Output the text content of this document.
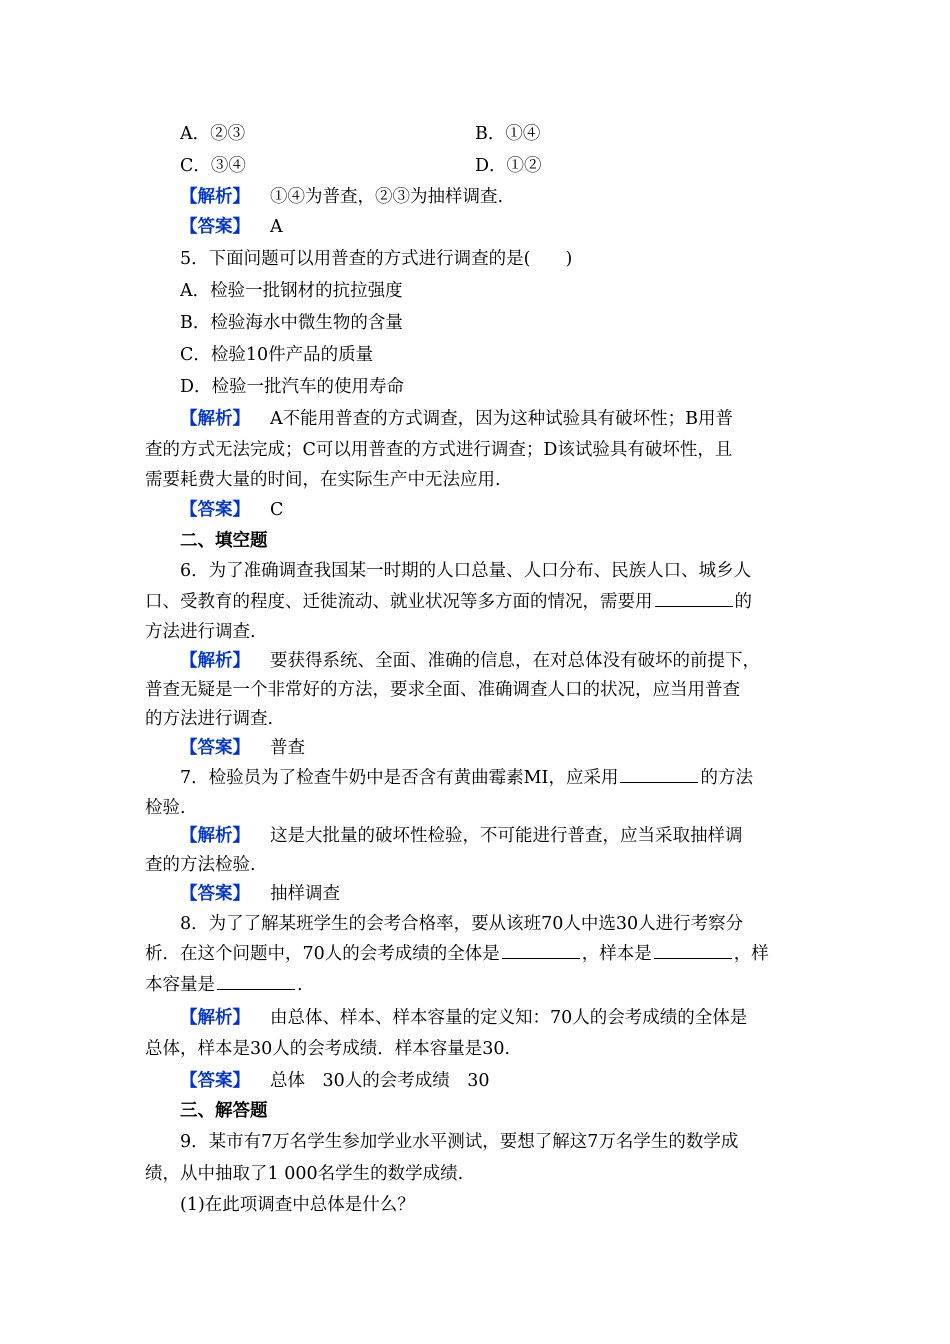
A．②③	B．①④
C．③④	D．①②
【解析】 ①④为普查，②③为抽样调查.
【答案】 A
5．下面问题可以用普查的方式进行调查的是(　　)
A．检验一批钢材的抗拉强度
B．检验海水中微生物的含量
C．检验10件产品的质量
D．检验一批汽车的使用寿命
【解析】 A不能用普查的方式调查，因为这种试验具有破坏性；B用普
查的方式无法完成；C可以用普查的方式进行调查；D该试验具有破坏性，且
需要耗费大量的时间，在实际生产中无法应用.
【答案】 C
二、填空题
6．为了准确调查我国某一时期的人口总量、人口分布、民族人口、城乡人
口、受教育的程度、迁徙流动、就业状况等多方面的情况，需要用	的
方法进行调查.
【解析】 要获得系统、全面、准确的信息，在对总体没有破坏的前提下，
普查无疑是一个非常好的方法，要求全面、准确调查人口的状况，应当用普查
的方法进行调查.
【答案】 普查
7．检验员为了检查牛奶中是否含有黄曲霉素MI，应采用	的方法
检验.
【解析】 这是大批量的破坏性检验，不可能进行普查，应当采取抽样调
查的方法检验.
【答案】 抽样调查
8．为了了解某班学生的会考合格率，要从该班70人中选30人进行考察分
析．在这个问题中，70人的会考成绩的全体是	，样本是	，样
本容量是	.
【解析】 由总体、样本、样本容量的定义知：70人的会考成绩的全体是
总体，样本是30人的会考成绩．样本容量是30.
【答案】 总体　30人的会考成绩　30
三、解答题
9．某市有7万名学生参加学业水平测试，要想了解这7万名学生的数学成
绩，从中抽取了1 000名学生的数学成绩.
(1)在此项调查中总体是什么？
